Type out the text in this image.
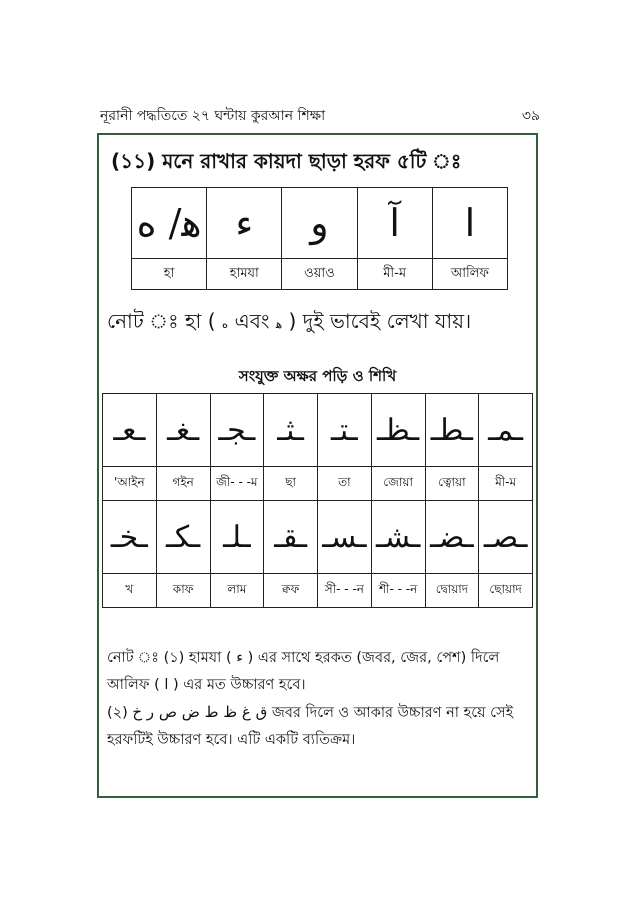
নূরানী পদ্ধতিতে ২৭ ঘন্টায় কুরআন শিক্ষা	৩৯
(১১) মনে রাখার কায়দা ছাড়া হরফ ৫টি ঃ
ﻫ/ ه	ء	و	آ	ا
হা	হামযা	ওয়াও	মী-ম	আলিফ
নোট ঃ হা ( ه এবং ﻫ ) দুই ভাবেই লেখা যায়।
সংযুক্ত অক্ষর পড়ি ও শিখি
ـعـ	ـغـ	ـجـ	ـثـ	ـتـ	ـظـ	ـطـ	ـمـ
'আইন	গইন	জী- - -ম	ছা	তা	জোয়া	ত্বোয়া	মী-ম
ـخـ	ـكـ	ـلـ	ـقـ	ـسـ	ـشـ	ـضـ	ـصـ
খ	কাফ	লাম	ক্বফ	সী- - -ন	শী- - -ন	দ্বোয়াদ	ছোয়াদ

নোট ঃ (১) হামযা ( ء ) এর সাথে হরকত (জবর, জের, পেশ) দিলে

আলিফ ( ا ) এর মত উচ্চারণ হবে।

(২) ق غ ظ ط ض ص ر خ জবর দিলে ও আকার উচ্চারণ না হয়ে সেই

হরফটিই উচ্চারণ হবে। এটি একটি ব্যতিক্রম।
